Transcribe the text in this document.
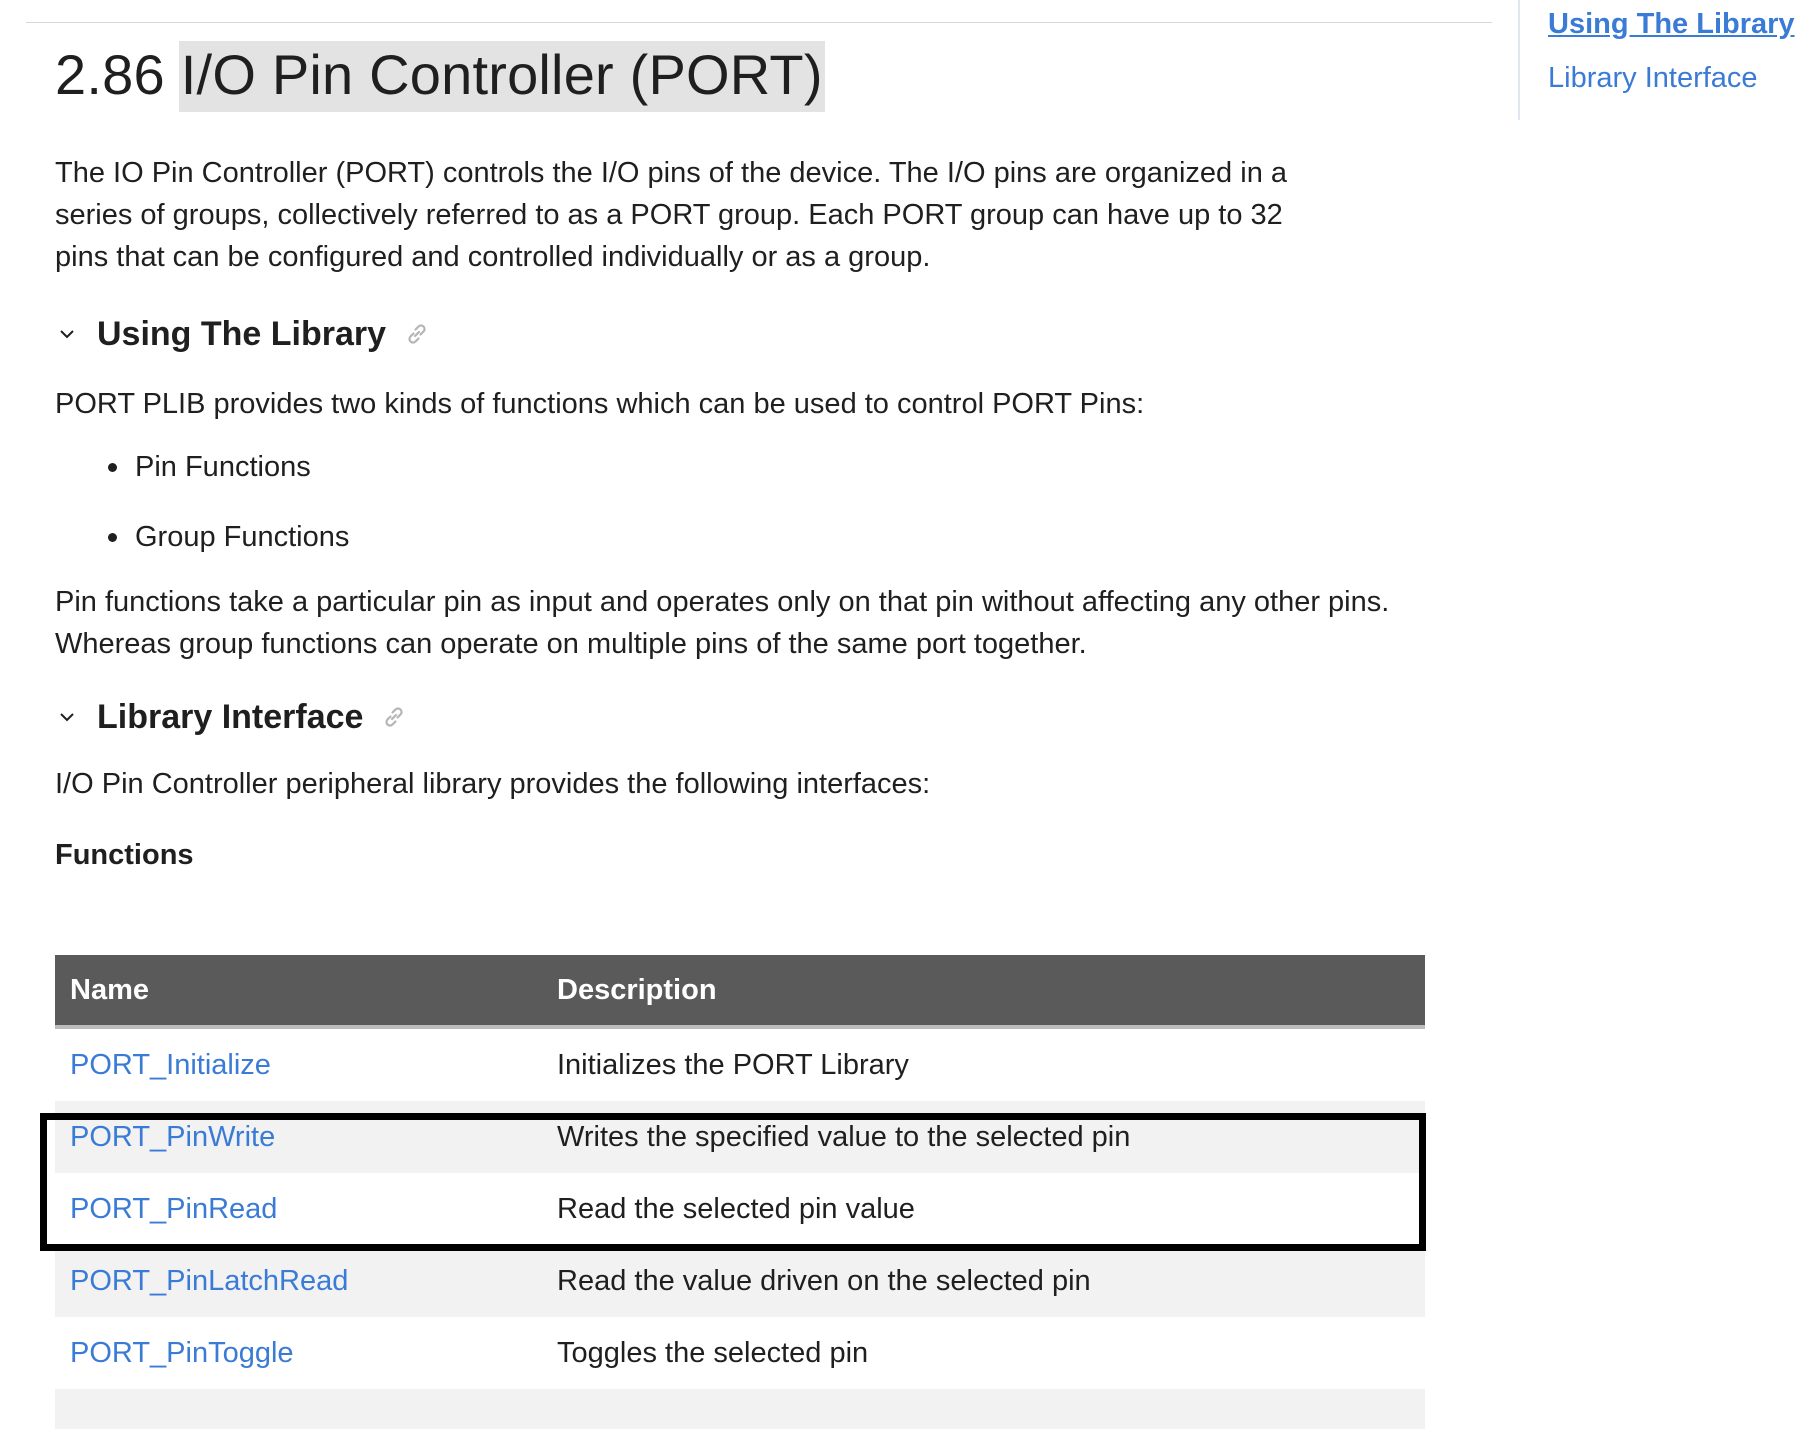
2.86 I/O Pin Controller (PORT)

The IO Pin Controller (PORT) controls the I/O pins of the device. The I/O pins are organized in a series of groups, collectively referred to as a PORT group. Each PORT group can have up to 32 pins that can be configured and controlled individually or as a group.

Using The Library

PORT PLIB provides two kinds of functions which can be used to control PORT Pins:

Pin Functions
Group Functions

Pin functions take a particular pin as input and operates only on that pin without affecting any other pins. Whereas group functions can operate on multiple pins of the same port together.

Library Interface

I/O Pin Controller peripheral library provides the following interfaces:

Functions

Name	Description
PORT_Initialize	Initializes the PORT Library
PORT_PinWrite	Writes the specified value to the selected pin
PORT_PinRead	Read the selected pin value
PORT_PinLatchRead	Read the value driven on the selected pin
PORT_PinToggle	Toggles the selected pin

Using The Library
Library Interface
